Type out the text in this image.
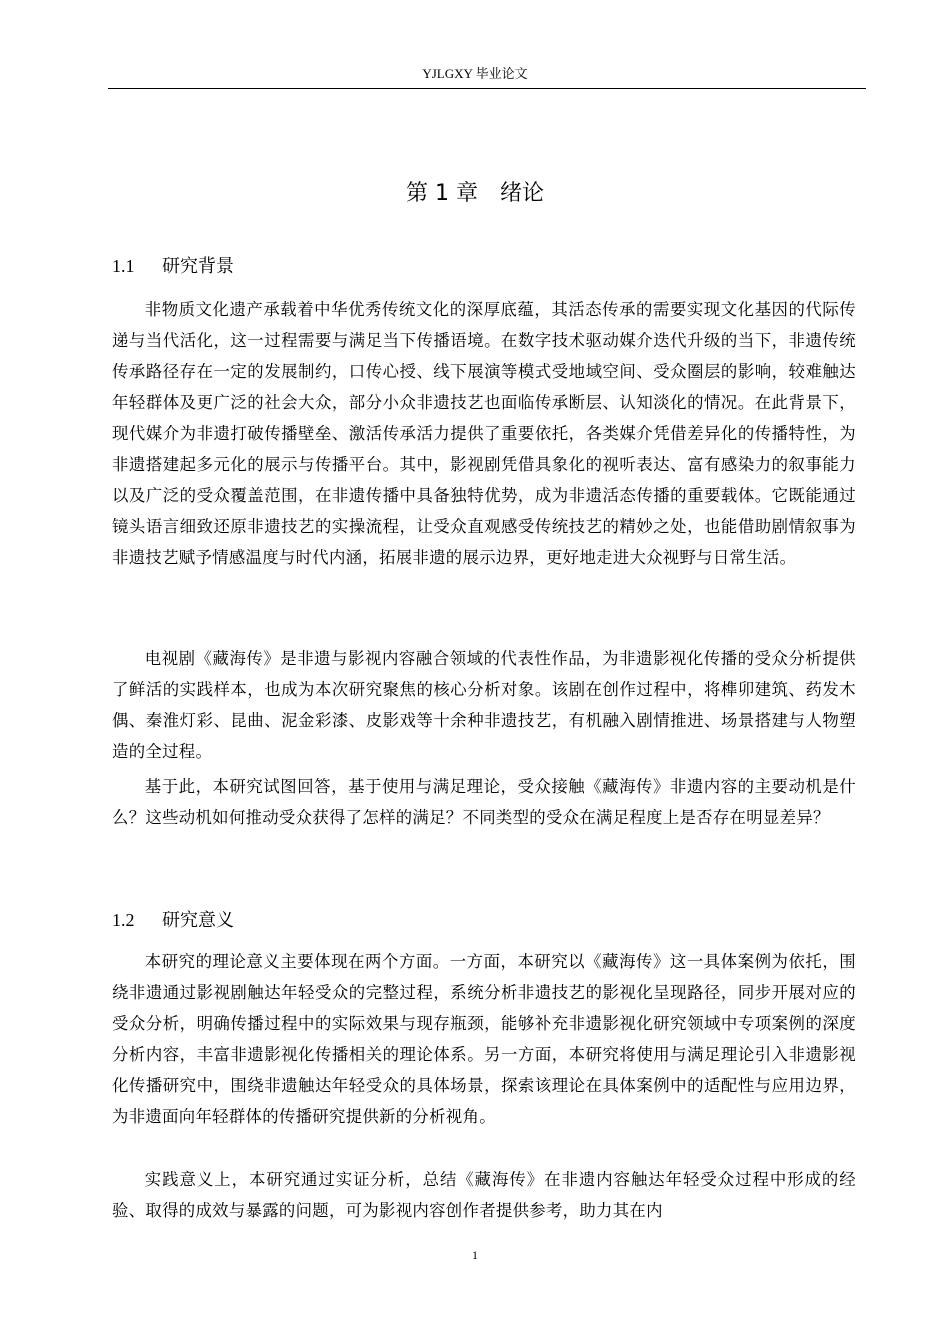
YJLGXY 毕业论文
第 1 章　绪论
1.1 研究背景

非物质文化遗产承载着中华优秀传统文化的深厚底蕴，其活态传承的需要实现文化基因的代际传递与当代活化，这一过程需要与满足当下传播语境。在数字技术驱动媒介迭代升级的当下，非遗传统传承路径存在一定的发展制约，口传心授、线下展演等模式受地域空间、受众圈层的影响，较难触达年轻群体及更广泛的社会大众，部分小众非遗技艺也面临传承断层、认知淡化的情况。在此背景下，现代媒介为非遗打破传播壁垒、激活传承活力提供了重要依托，各类媒介凭借差异化的传播特性，为非遗搭建起多元化的展示与传播平台。其中，影视剧凭借具象化的视听表达、富有感染力的叙事能力以及广泛的受众覆盖范围，在非遗传播中具备独特优势，成为非遗活态传播的重要载体。它既能通过镜头语言细致还原非遗技艺的实操流程，让受众直观感受传统技艺的精妙之处，也能借助剧情叙事为非遗技艺赋予情感温度与时代内涵，拓展非遗的展示边界，更好地走进大众视野与日常生活。

电视剧《藏海传》是非遗与影视内容融合领域的代表性作品，为非遗影视化传播的受众分析提供了鲜活的实践样本，也成为本次研究聚焦的核心分析对象。该剧在创作过程中，将榫卯建筑、药发木偶、秦淮灯彩、昆曲、泥金彩漆、皮影戏等十余种非遗技艺，有机融入剧情推进、场景搭建与人物塑造的全过程。

基于此，本研究试图回答，基于使用与满足理论，受众接触《藏海传》非遗内容的主要动机是什么？这些动机如何推动受众获得了怎样的满足？不同类型的受众在满足程度上是否存在明显差异？

1.2 研究意义

本研究的理论意义主要体现在两个方面。一方面，本研究以《藏海传》这一具体案例为依托，围绕非遗通过影视剧触达年轻受众的完整过程，系统分析非遗技艺的影视化呈现路径，同步开展对应的受众分析，明确传播过程中的实际效果与现存瓶颈，能够补充非遗影视化研究领域中专项案例的深度分析内容，丰富非遗影视化传播相关的理论体系。另一方面，本研究将使用与满足理论引入非遗影视化传播研究中，围绕非遗触达年轻受众的具体场景，探索该理论在具体案例中的适配性与应用边界，为非遗面向年轻群体的传播研究提供新的分析视角。

实践意义上，本研究通过实证分析，总结《藏海传》在非遗内容触达年轻受众过程中形成的经验、取得的成效与暴露的问题，可为影视内容创作者提供参考，助力其在内

1
